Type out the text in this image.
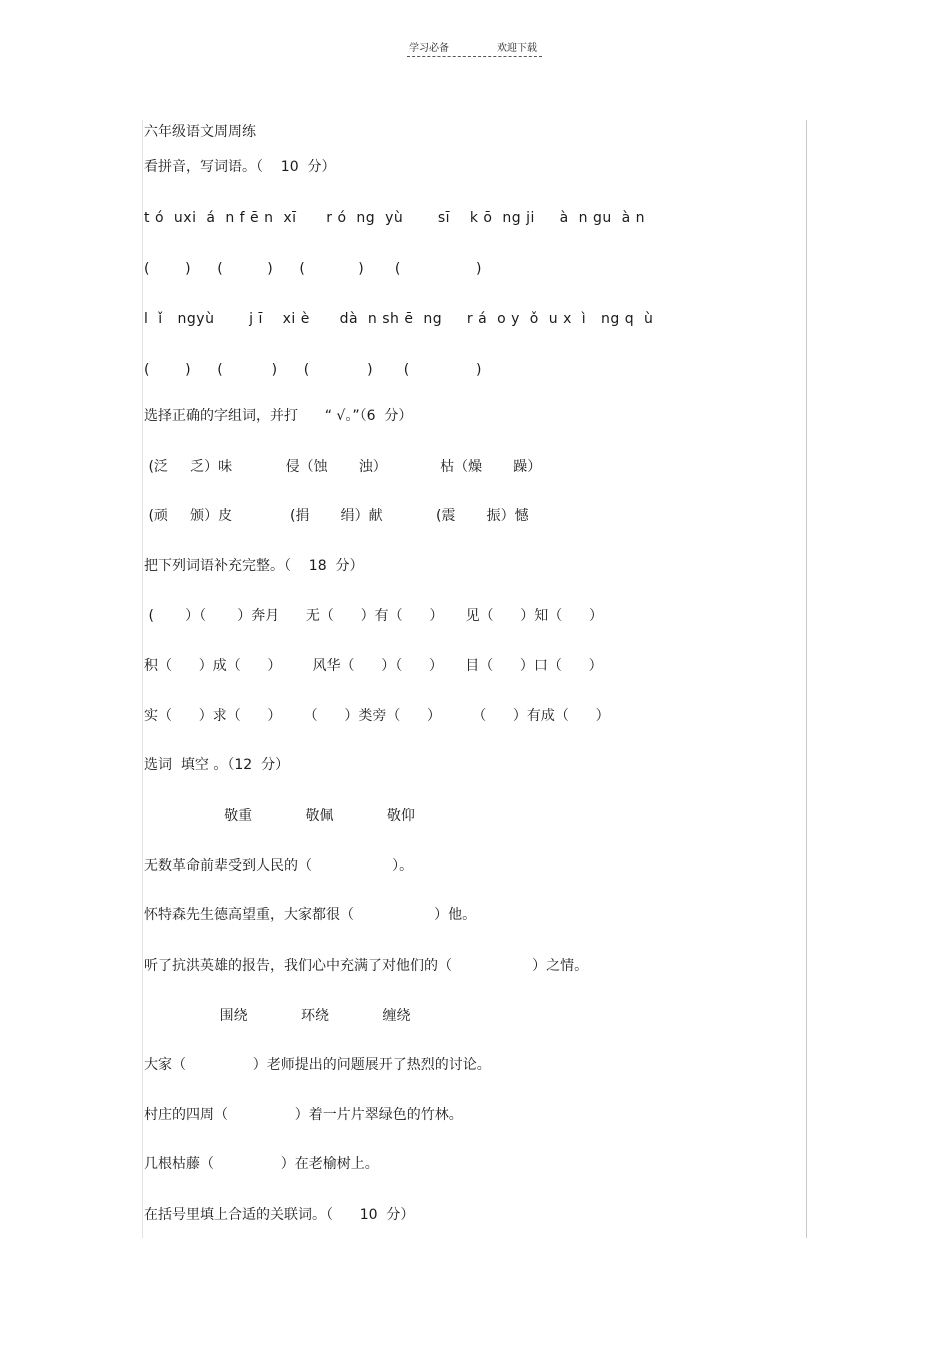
学习必备	欢迎下载
六年级语文周周练
看拼音，写词语。（    10  分）
t ó  uxi  á  n f ē n  xī      r ó  ng  yù       sī    k ō  ng ji     à  n gu  à n
(        )      (          )      (            )       (                 )
l  ǐ   ngyù       j ī    xi è      dà  n sh ē  ng     r á  o y  ǒ  u x  ì   ng q  ù
(        )      (           )      (             )       (               )
选择正确的字组词，并打      “ √。”（6  分）
(泛     乏）味            侵（蚀       浊）            枯（燥       躁）
(顽     颁）皮             (捐       绢）献            (震       振）憾
把下列词语补充完整。（    18  分）
(       ）（       ）奔月      无（      ）有（      ）     见（      ）知（      ）
积（      ）成（      ）       风华（      ）（      ）     目（      ）口（      ）
实（      ）求（      ）     （      ）类旁（      ）       （      ）有成（      ）
选词  填空 。（12  分）
敬重            敬佩            敬仰
无数革命前辈受到人民的（                  ）。
怀特森先生德高望重，大家都很（                  ）他。
听了抗洪英雄的报告，我们心中充满了对他们的（                  ）之情。
围绕            环绕            缠绕
大家（               ）老师提出的问题展开了热烈的讨论。
村庄的四周（               ）着一片片翠绿色的竹林。
几根枯藤（               ）在老榆树上。
在括号里填上合适的关联词。（      10  分）
